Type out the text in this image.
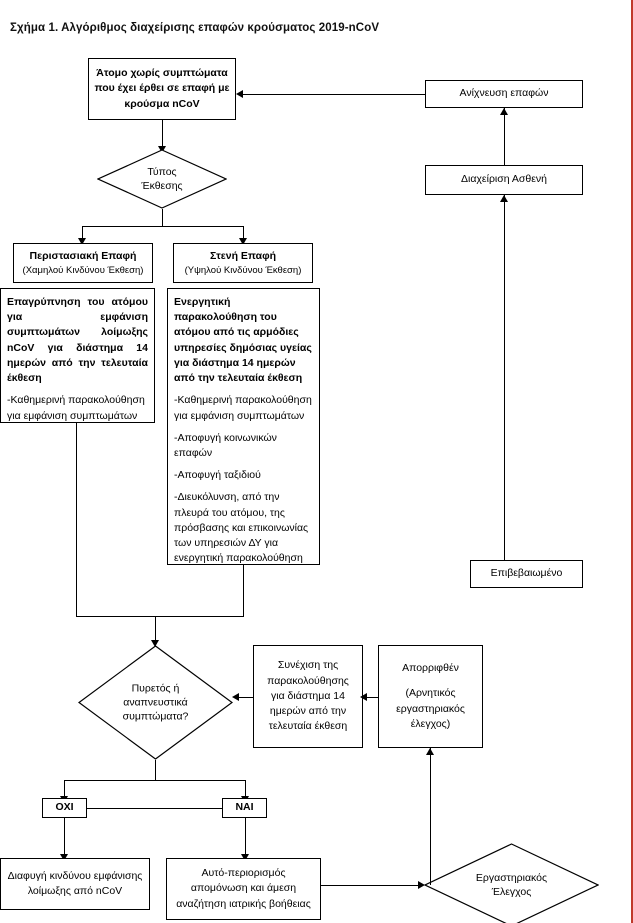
Σχήμα 1. Αλγόριθμος διαχείρισης επαφών κρούσματος 2019-nCoV
Άτομο χωρίς συμπτώματα
που έχει έρθει σε επαφή με
κρούσμα nCoV
Ανίχνευση επαφών
Διαχείριση Ασθενή
Επιβεβαιωμένο
Τύπος
Έκθεσης
Περιστασιακή Επαφή
(Χαμηλού Κινδύνου Έκθεση)
Στενή Επαφή
(Υψηλού Κινδύνου Έκθεση)
Επαγρύπνηση του ατόμου για εμφάνιση συμπτωμάτων λοίμωξης nCoV για διάστημα 14 ημερών από την τελευταία έκθεση
-Καθημερινή παρακολούθηση για εμφάνιση συμπτωμάτων
Ενεργητική παρακολούθηση του ατόμου από τις αρμόδιες υπηρεσίες δημόσιας υγείας για διάστημα 14 ημερών από την τελευταία έκθεση
-Καθημερινή παρακολούθηση για εμφάνιση συμπτωμάτων
-Αποφυγή κοινωνικών επαφών
-Αποφυγή ταξιδιού
-Διευκόλυνση, από την πλευρά του ατόμου, της πρόσβασης και επικοινωνίας των υπηρεσιών ΔΥ για ενεργητική παρακολούθηση
Πυρετός ή
αναπνευστικά
συμπτώματα?
Συνέχιση της
παρακολούθησης
για διάστημα 14
ημερών από την
τελευταία έκθεση
Απορριφθέν
(Αρνητικός
εργαστηριακός
έλεγχος)
ΟΧΙ	ΝΑΙ
Διαφυγή κινδύνου εμφάνισης
λοίμωξης από nCoV
Αυτό-περιορισμός
απομόνωση και άμεση
αναζήτηση ιατρικής βοήθειας
Εργαστηριακός
Έλεγχος
